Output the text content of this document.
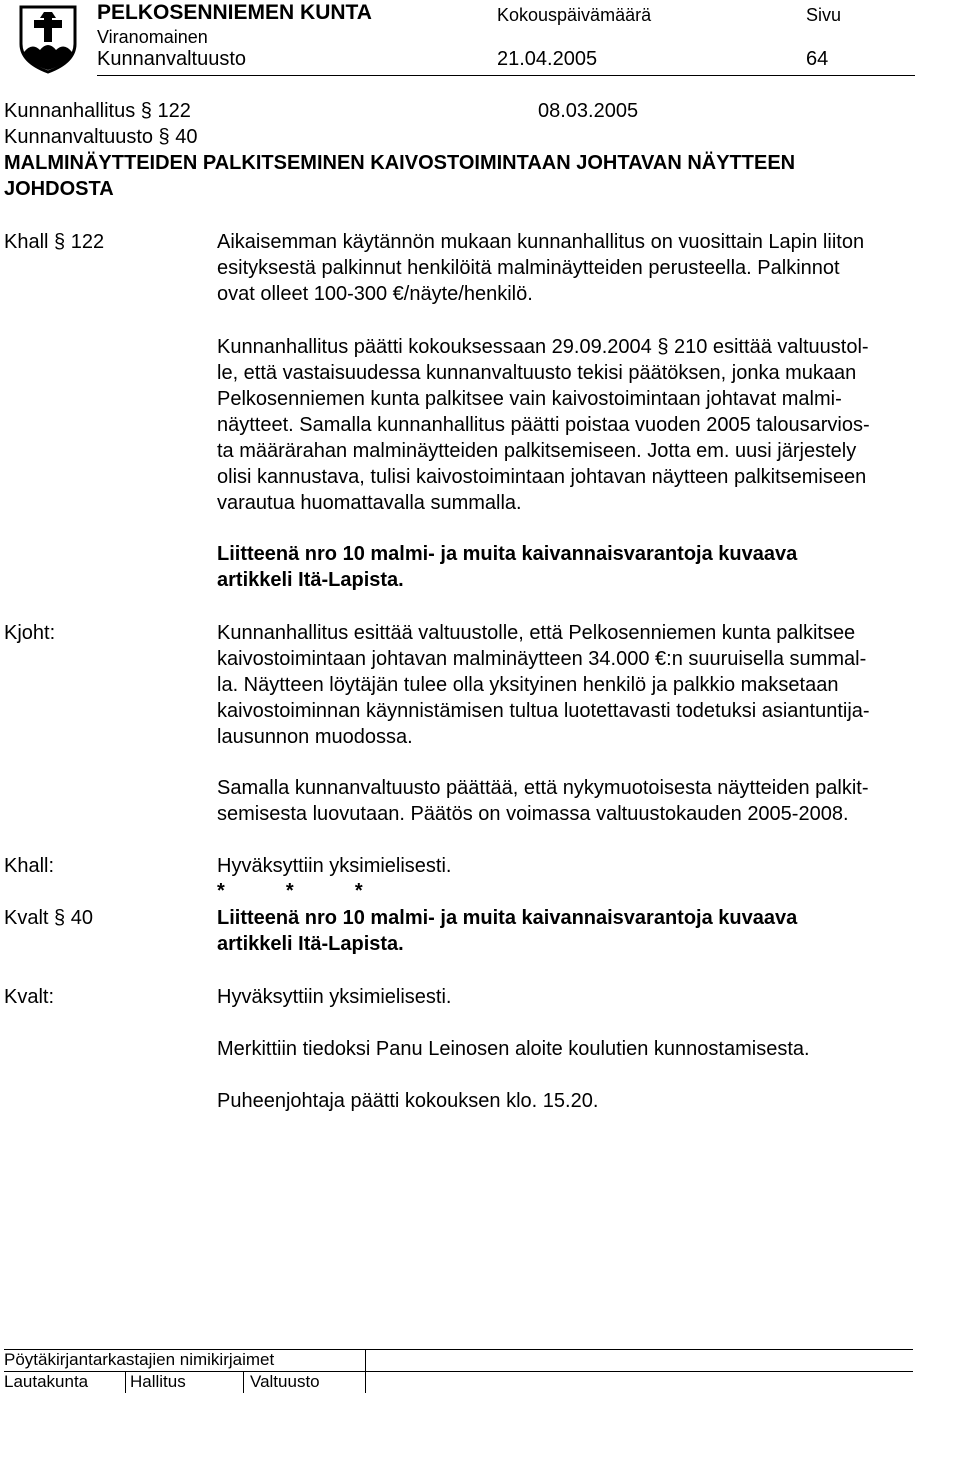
PELKOSENNIEMEN KUNTA
Viranomainen
Kunnanvaltuusto
Kokouspäivämäärä
21.04.2005
Sivu
64
Kunnanhallitus § 122	08.03.2005
Kunnanvaltuusto § 40
MALMINÄYTTEIDEN PALKITSEMINEN KAIVOSTOIMINTAAN JOHTAVAN NÄYTTEEN
JOHDOSTA
Khall § 122
Kjoht:
Khall:
Kvalt § 40
Kvalt:
Aikaisemman käytännön mukaan kunnanhallitus on vuosittain Lapin liiton
esityksestä palkinnut henkilöitä malminäytteiden perusteella. Palkinnot
ovat olleet 100-300 €/näyte/henkilö.
Kunnanhallitus päätti kokouksessaan 29.09.2004 § 210 esittää valtuustol-
le, että vastaisuudessa kunnanvaltuusto tekisi päätöksen, jonka mukaan
Pelkosenniemen kunta palkitsee vain kaivostoimintaan johtavat malmi-
näytteet. Samalla kunnanhallitus päätti poistaa vuoden 2005 talousarvios-
ta määrärahan malminäytteiden palkitsemiseen. Jotta em. uusi järjestely
olisi kannustava, tulisi kaivostoimintaan johtavan näytteen palkitsemiseen
varautua huomattavalla summalla.
Liitteenä nro 10 malmi- ja muita kaivannaisvarantoja kuvaava
artikkeli Itä-Lapista.
Kunnanhallitus esittää valtuustolle, että Pelkosenniemen kunta palkitsee
kaivostoimintaan johtavan malminäytteen 34.000 €:n suuruisella summal-
la. Näytteen löytäjän tulee olla yksityinen henkilö ja palkkio maksetaan
kaivostoiminnan käynnistämisen tultua luotettavasti todetuksi asiantuntija-
lausunnon muodossa.
Samalla kunnanvaltuusto päättää, että nykymuotoisesta näytteiden palkit-
semisesta luovutaan. Päätös on voimassa valtuustokauden 2005-2008.
Hyväksyttiin yksimielisesti.
*           *           *
Liitteenä nro 10 malmi- ja muita kaivannaisvarantoja kuvaava
artikkeli Itä-Lapista.
Hyväksyttiin yksimielisesti.
Merkittiin tiedoksi Panu Leinosen aloite koulutien kunnostamisesta.
Puheenjohtaja päätti kokouksen klo. 15.20.
Pöytäkirjantarkastajien nimikirjaimet
Lautakunta Hallitus	Valtuusto
